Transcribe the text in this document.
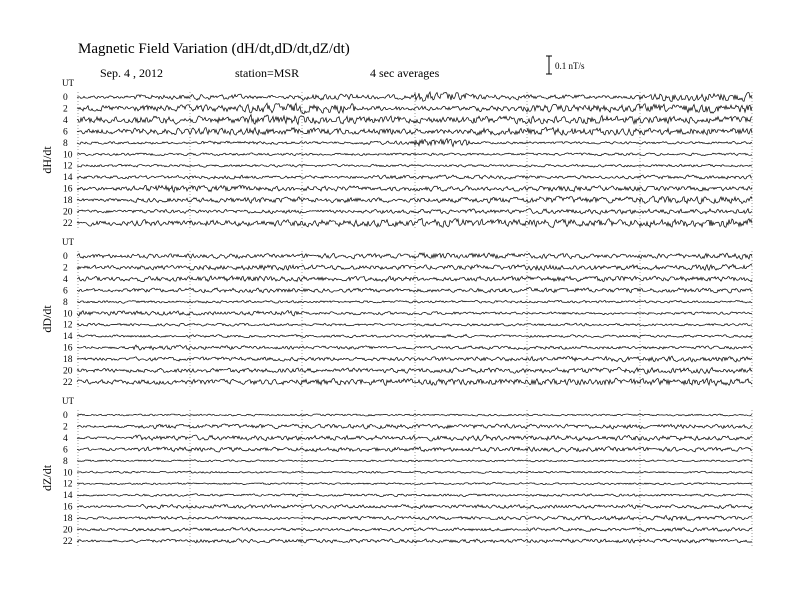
Magnetic Field Variation (dH/dt,dD/dt,dZ/dt)
Sep. 4 , 2012	station=MSR	4 sec averages	0.1 nT/s
UT
dH/dt
0
2
4
6
8
10
12
14
16
18
20
22
UT
dD/dt
0
2
4
6
8
10
12
14
16
18
20
22
UT
dZ/dt
0
2
4
6
8
10
12
14
16
18
20
22
